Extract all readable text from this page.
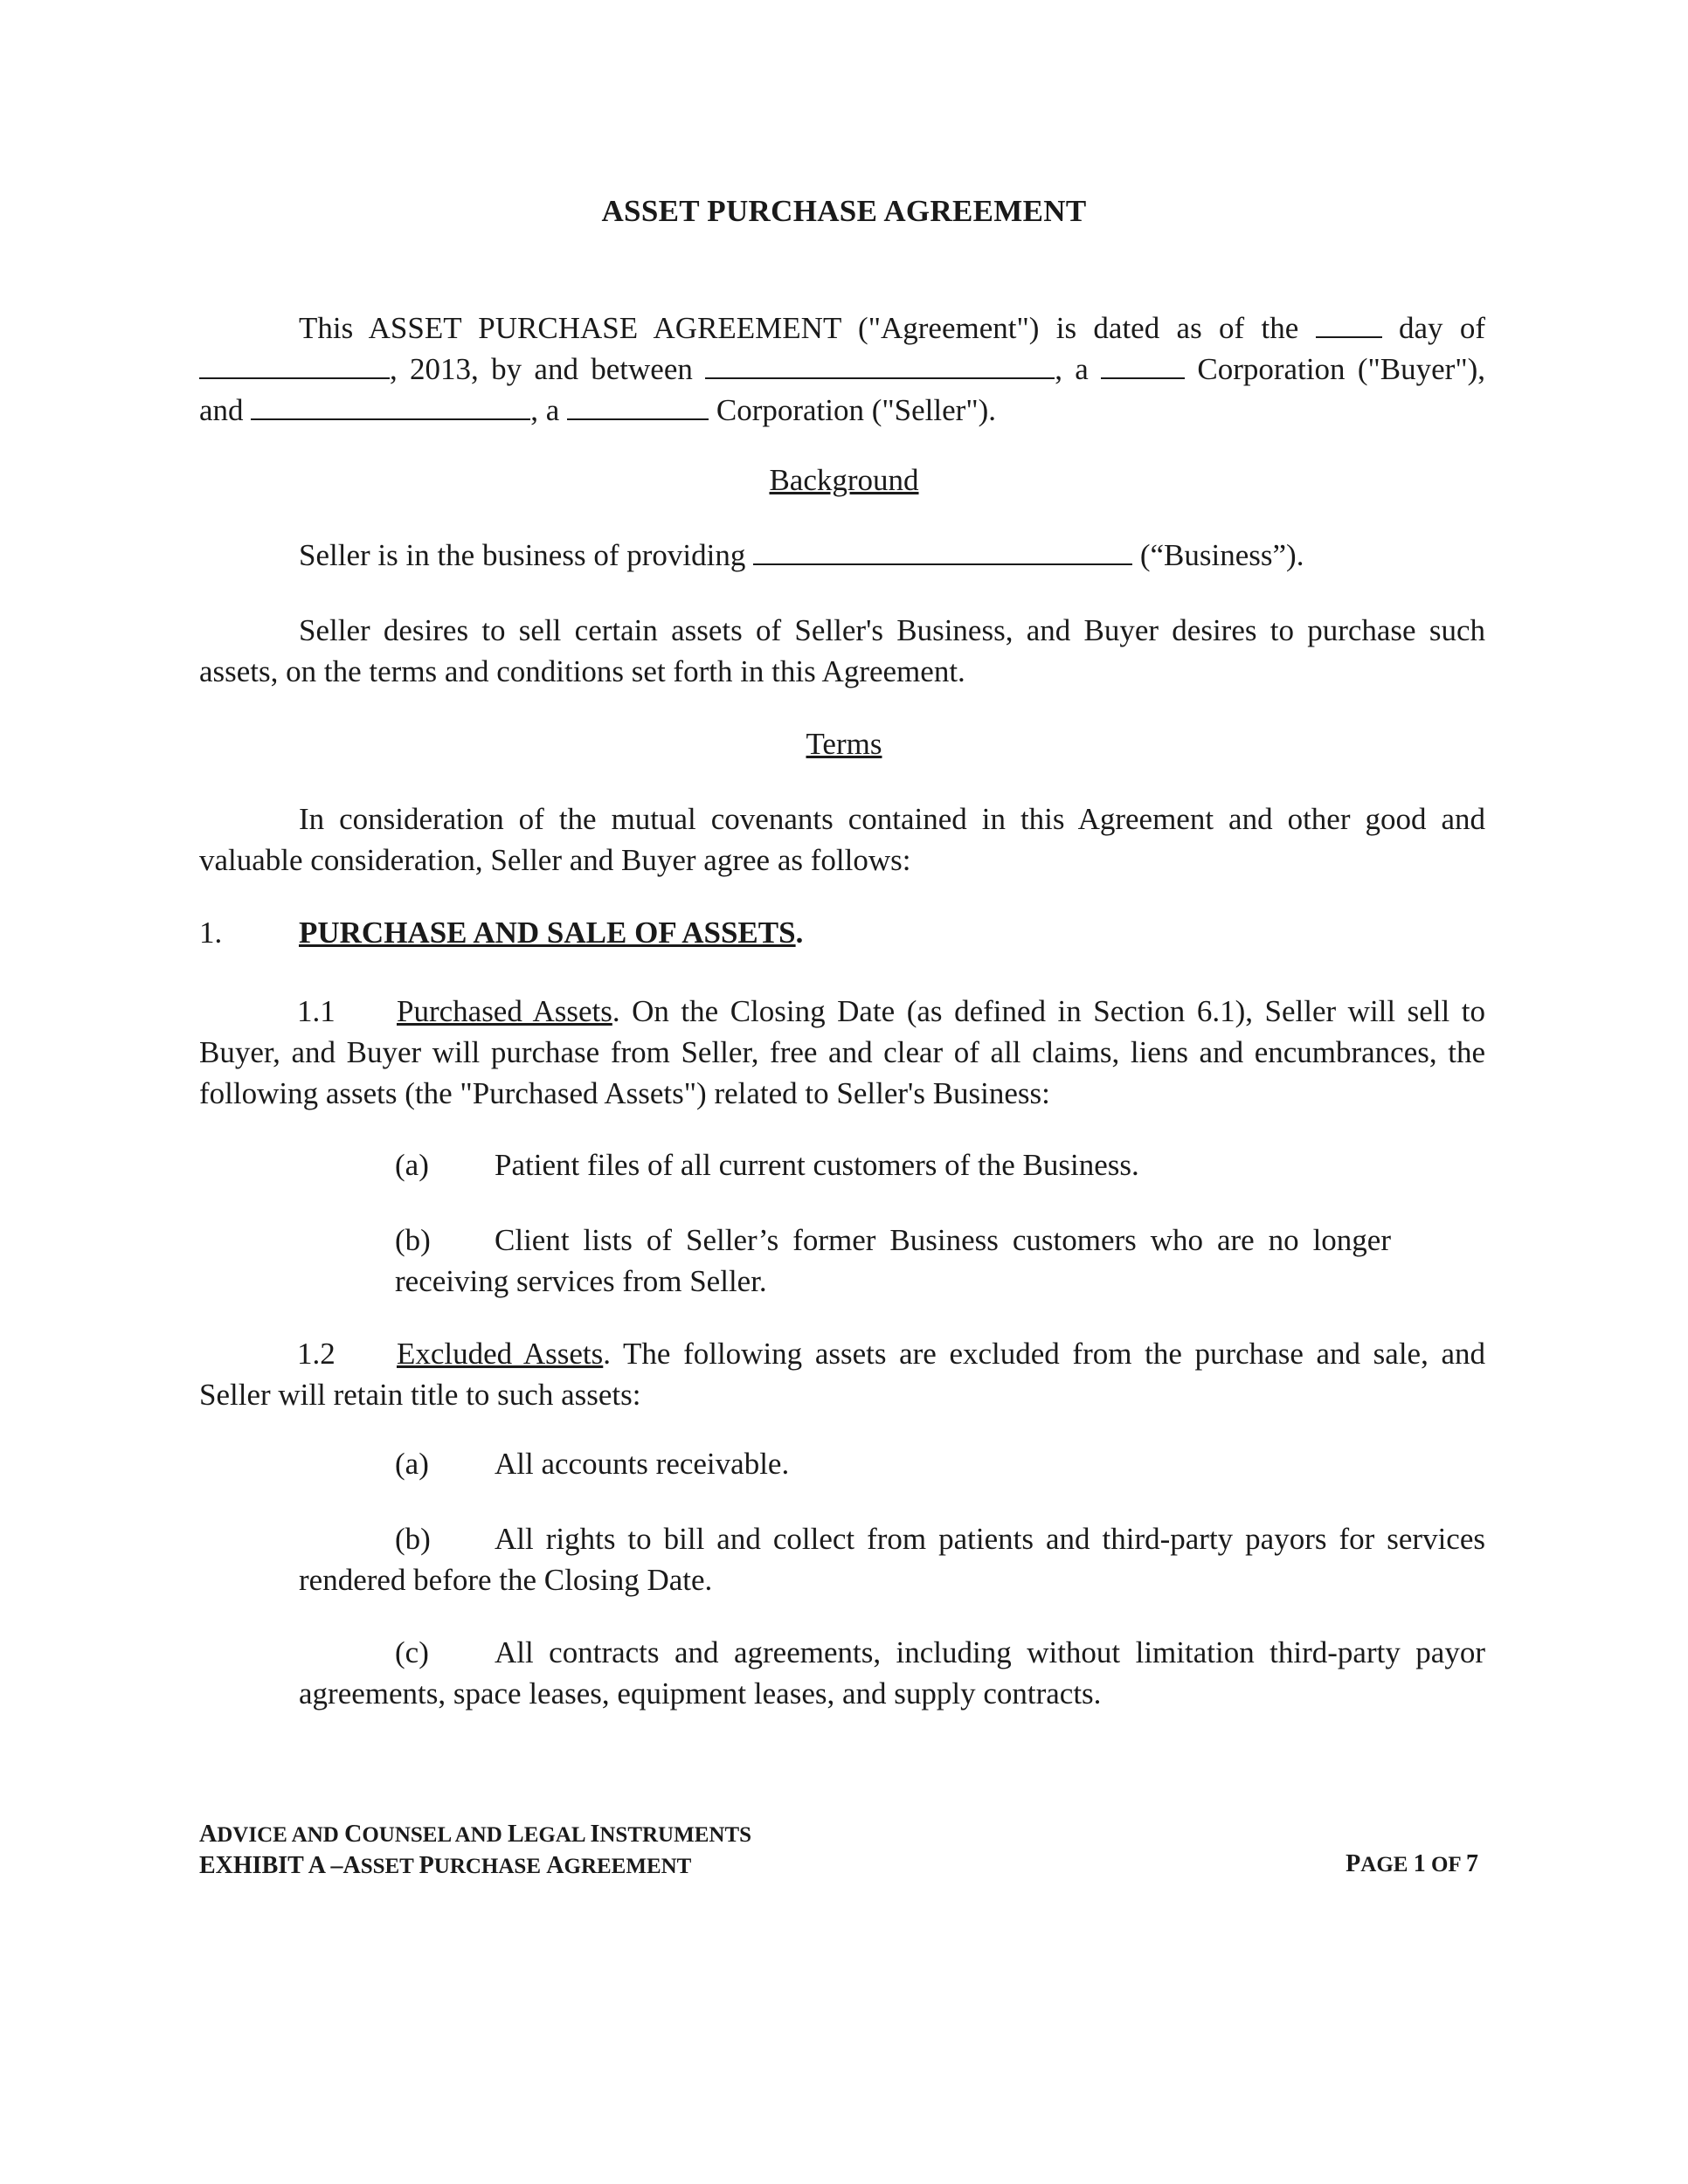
ASSET PURCHASE AGREEMENT
This ASSET PURCHASE AGREEMENT ("Agreement") is dated as of the	day of, 2013, by and between	, a	Corporation ("Buyer"), and	, a	Corporation ("Seller").
Background
Seller is in the business of providing	(“Business”).
Seller desires to sell certain assets of Seller's Business, and Buyer desires to purchase such assets, on the terms and conditions set forth in this Agreement.
Terms
In consideration of the mutual covenants contained in this Agreement and other good and valuable consideration, Seller and Buyer agree as follows:
1.	PURCHASE AND SALE OF ASSETS.
1.1 Purchased Assets. On the Closing Date (as defined in Section 6.1), Seller will sell to Buyer, and Buyer will purchase from Seller, free and clear of all claims, liens and encumbrances, the following assets (the "Purchased Assets") related to Seller's Business:
(a) Patient files of all current customers of the Business.
(b) Client lists of Seller’s former Business customers who are no longer receiving services from Seller.
1.2 Excluded Assets. The following assets are excluded from the purchase and sale, and Seller will retain title to such assets:
(a) All accounts receivable.
(b) All rights to bill and collect from patients and third-party payors for services rendered before the Closing Date.
(c) All contracts and agreements, including without limitation third-party payor agreements, space leases, equipment leases, and supply contracts.
ADVICE AND COUNSEL AND LEGAL INSTRUMENTS
EXHIBIT A –ASSET PURCHASE AGREEMENT	PAGE 1 OF 7
